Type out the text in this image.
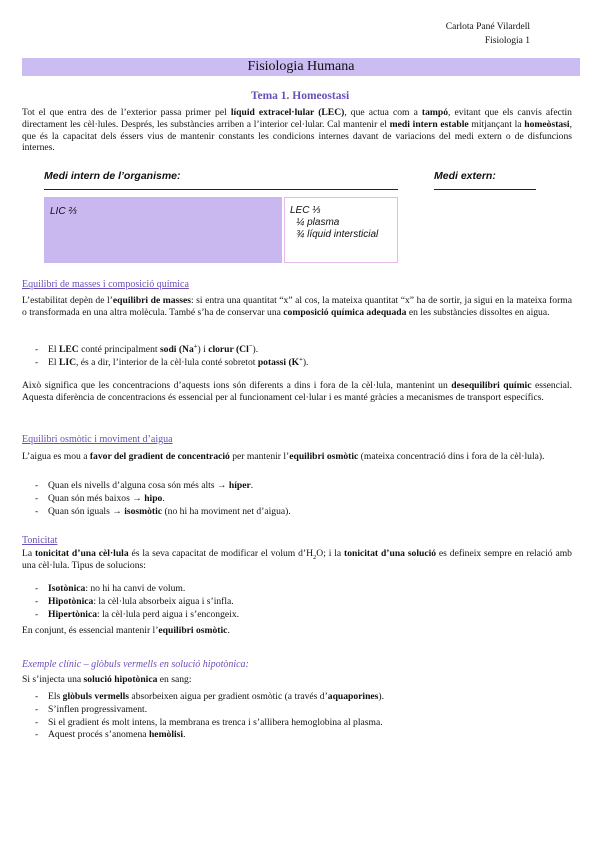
Carlota Pané Vilardell
Fisiologia 1
Fisiologia Humana
Tema 1. Homeostasi
Tot el que entra des de l’exterior passa primer pel líquid extracel·lular (LEC), que actua com a tampó, evitant que els canvis afectin directament les cèl·lules. Després, les substàncies arriben a l’interior cel·lular. Cal mantenir el medi intern estable mitjançant la homeòstasi, que és la capacitat dels éssers vius de mantenir constants les condicions internes davant de variacions del medi extern o de disfuncions internes.
Medi intern de l’organisme:	Medi extern:
LIC ⅔	LEC ⅓
¼ plasma
¾ líquid intersticial
Equilibri de masses i composició química
L’estabilitat depèn de l’equilibri de masses: si entra una quantitat “x” al cos, la mateixa quantitat “x” ha de sortir, ja sigui en la mateixa forma o transformada en una altra molècula. També s’ha de conservar una composició química adequada en les substàncies dissoltes en aigua.
- El LEC conté principalment sodi (Na+) i clorur (Cl−).
- El LIC, és a dir, l’interior de la cèl·lula conté sobretot potassi (K+).
Això significa que les concentracions d’aquests ions són diferents a dins i fora de la cèl·lula, mantenint un desequilibri químic essencial. Aquesta diferència de concentracions és essencial per al funcionament cel·lular i es manté gràcies a mecanismes de transport específics.
Equilibri osmòtic i moviment d’aigua
L’aigua es mou a favor del gradient de concentració per mantenir l’equilibri osmòtic (mateixa concentració dins i fora de la cèl·lula).
- Quan els nivells d’alguna cosa són més alts → híper.
- Quan són més baixos → hipo.
- Quan són iguals → isosmòtic (no hi ha moviment net d’aigua).
Tonicitat
La tonicitat d’una cèl·lula és la seva capacitat de modificar el volum $d’H_2O$; i la tonicitat d’una solució es defineix sempre en relació amb una cèl·lula. Tipus de solucions:
- Isotònica: no hi ha canvi de volum.
- Hipotònica: la cèl·lula absorbeix aigua i s’infla.
- Hipertònica: la cèl·lula perd aigua i s’encongeix.
En conjunt, és essencial mantenir l’equilibri osmòtic.
Exemple clínic – glòbuls vermells en solució hipotònica:
Si s’injecta una solució hipotònica en sang:
- Els glòbuls vermells absorbeixen aigua per gradient osmòtic (a través d’aquaporines).
- S’inflen progressivament.
- Si el gradient és molt intens, la membrana es trenca i s’allibera hemoglobina al plasma.
- Aquest procés s’anomena hemòlisi.
